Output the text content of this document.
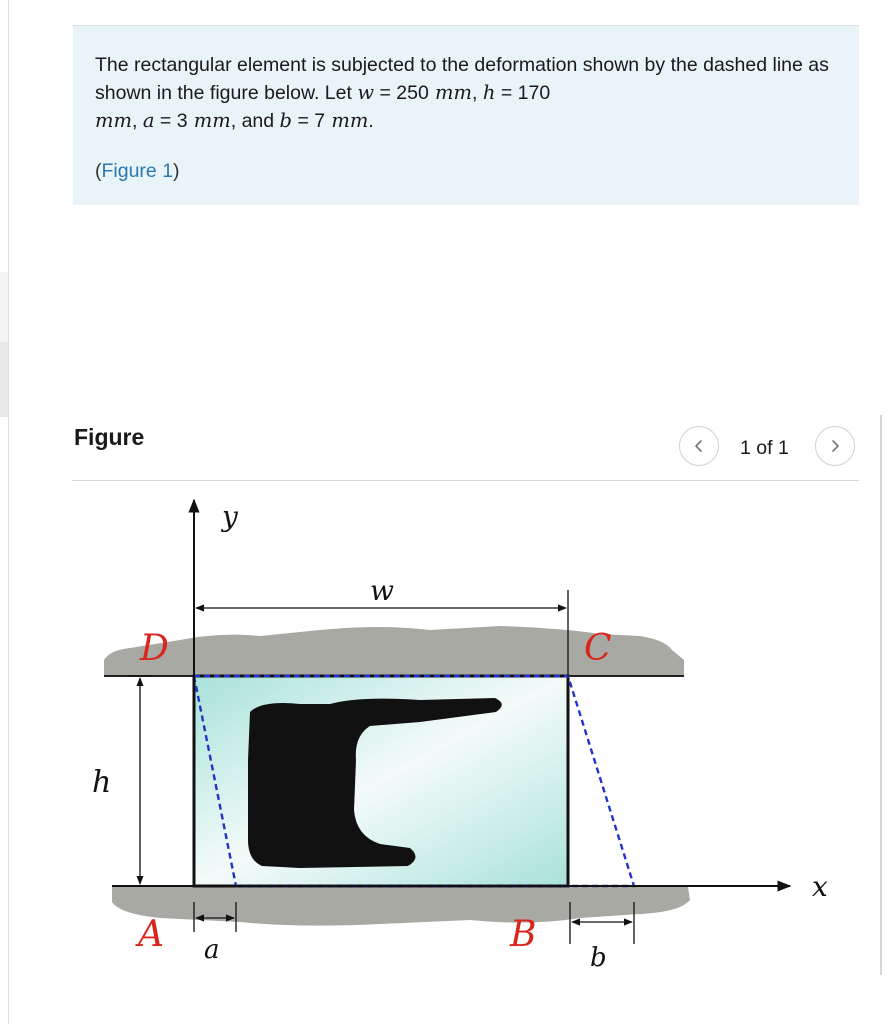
The rectangular element is subjected to the deformation shown by the dashed line as shown in the figure below. Let w = 250 mm, h = 170
mm, a = 3 mm, and b = 7 mm.

(Figure 1)

Figure	1 of 1
y
x
w
h
a	b
A	B
C
D
